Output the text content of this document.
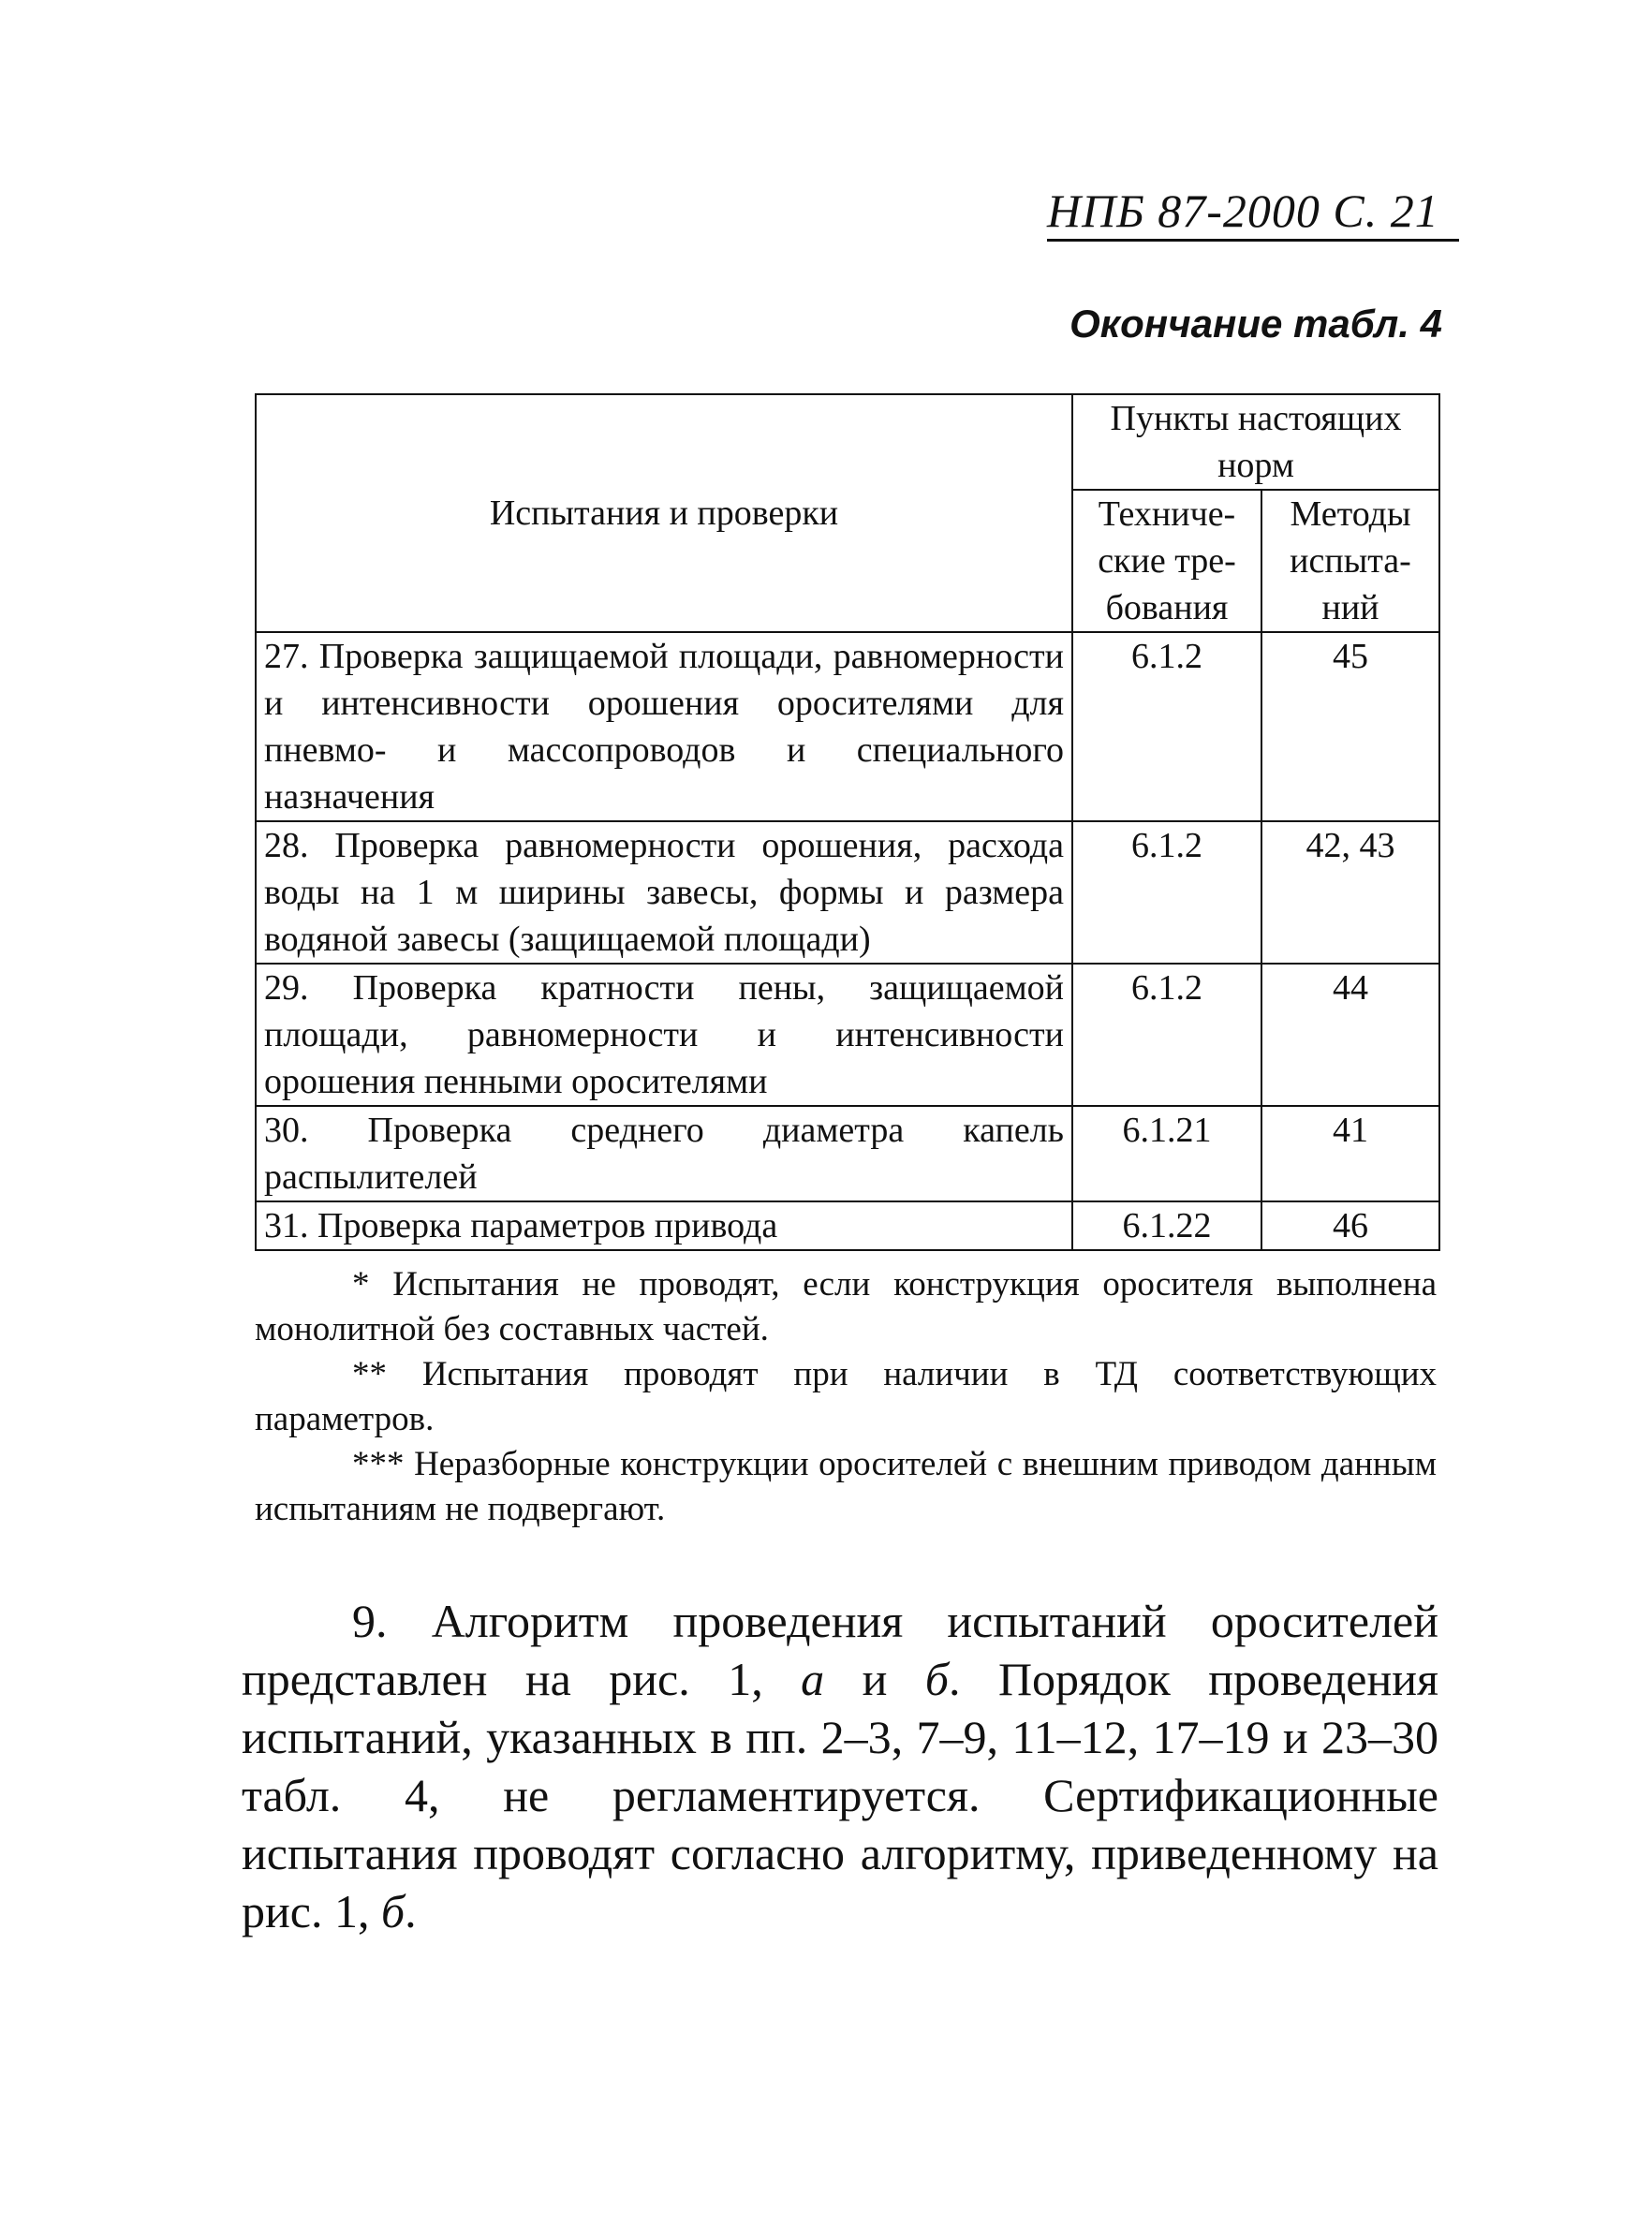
НПБ 87-2000 С. 21
Окончание табл. 4
Испытания и проверки	Пункты настоящих норм	
	Техниче-ские тре-бования	Методы испыта-ний
27. Проверка защищаемой площади, равномерности и интенсивности орошения оросителями для пневмо- и массопроводов и специального назначения	6.1.2	45
28. Проверка равномерности орошения, расхода воды на 1 м ширины завесы, формы и размера водяной завесы (защищаемой площади)	6.1.2	42, 43
29. Проверка кратности пены, защищаемой площади, равномерности и интенсивности орошения пенными оросителями	6.1.2	44
30. Проверка среднего диаметра капель распылителей	6.1.21	41
31. Проверка параметров привода	6.1.22	46

* Испытания не проводят, если конструкция оросителя выполнена монолитной без составных частей.

** Испытания проводят при наличии в ТД соответствующих параметров.

*** Неразборные конструкции оросителей с внешним приводом данным испытаниям не подвергают.

9. Алгоритм проведения испытаний оросителей представлен на рис. 1, а и б. Порядок проведения испытаний, указанных в пп. 2–3, 7–9, 11–12, 17–19 и 23–30 табл. 4, не регламентируется. Сертификационные испытания проводят согласно алгоритму, приведенному на рис. 1, б.
